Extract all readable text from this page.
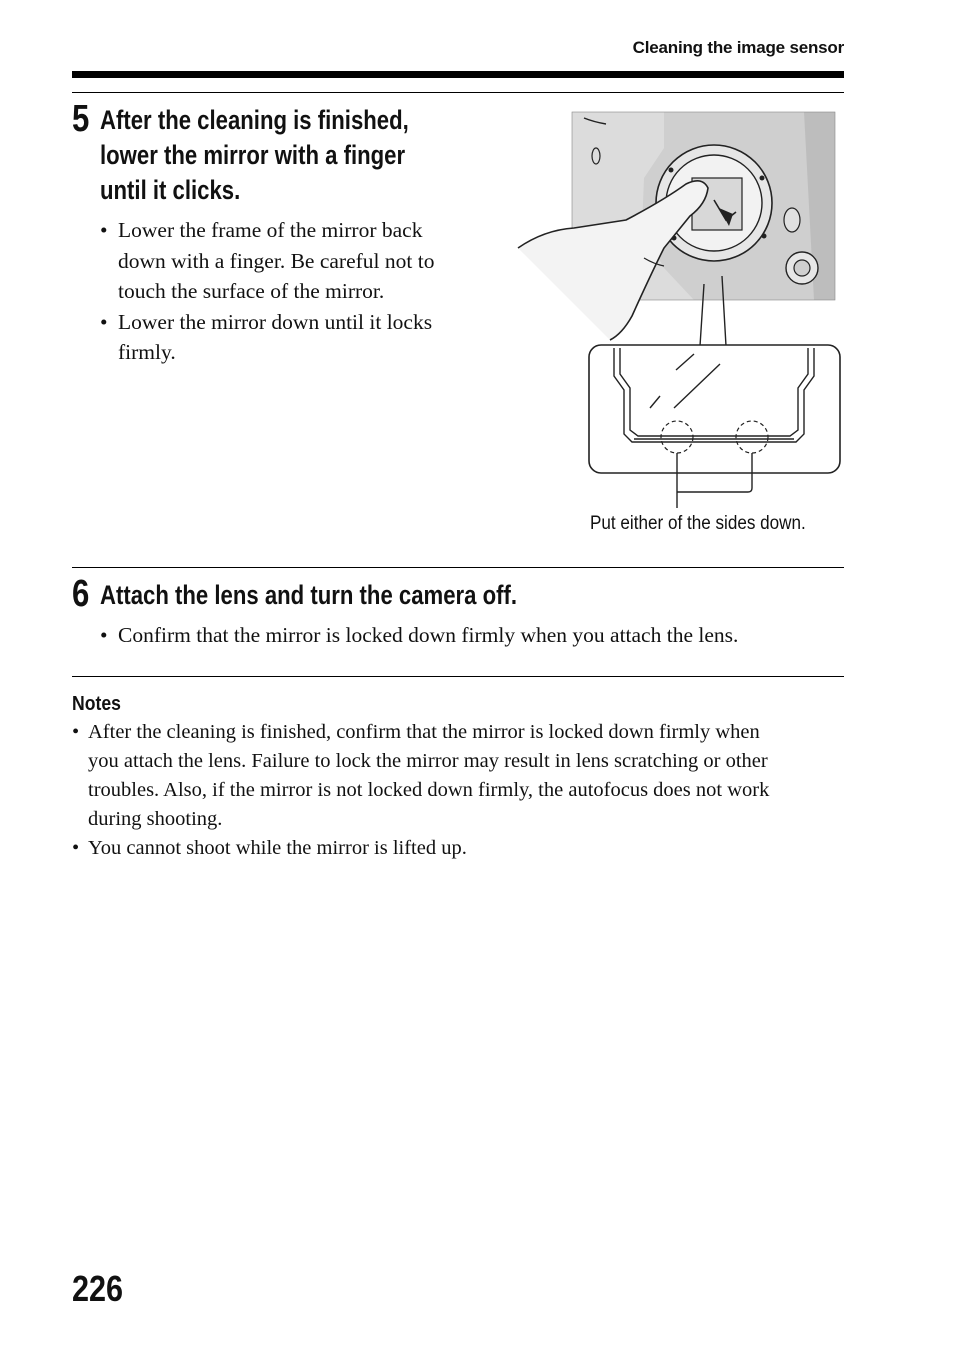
Cleaning the image sensor
5 After the cleaning is finished,
lower the mirror with a finger
until it clicks.
• Lower the frame of the mirror back
down with a finger. Be careful not to
touch the surface of the mirror.
• Lower the mirror down until it locks
firmly.
Put either of the sides down.
6 Attach the lens and turn the camera off.
• Confirm that the mirror is locked down firmly when you attach the lens.
Notes
• After the cleaning is finished, confirm that the mirror is locked down firmly when
you attach the lens. Failure to lock the mirror may result in lens scratching or other
troubles. Also, if the mirror is not locked down firmly, the autofocus does not work
during shooting.
• You cannot shoot while the mirror is lifted up.
226
